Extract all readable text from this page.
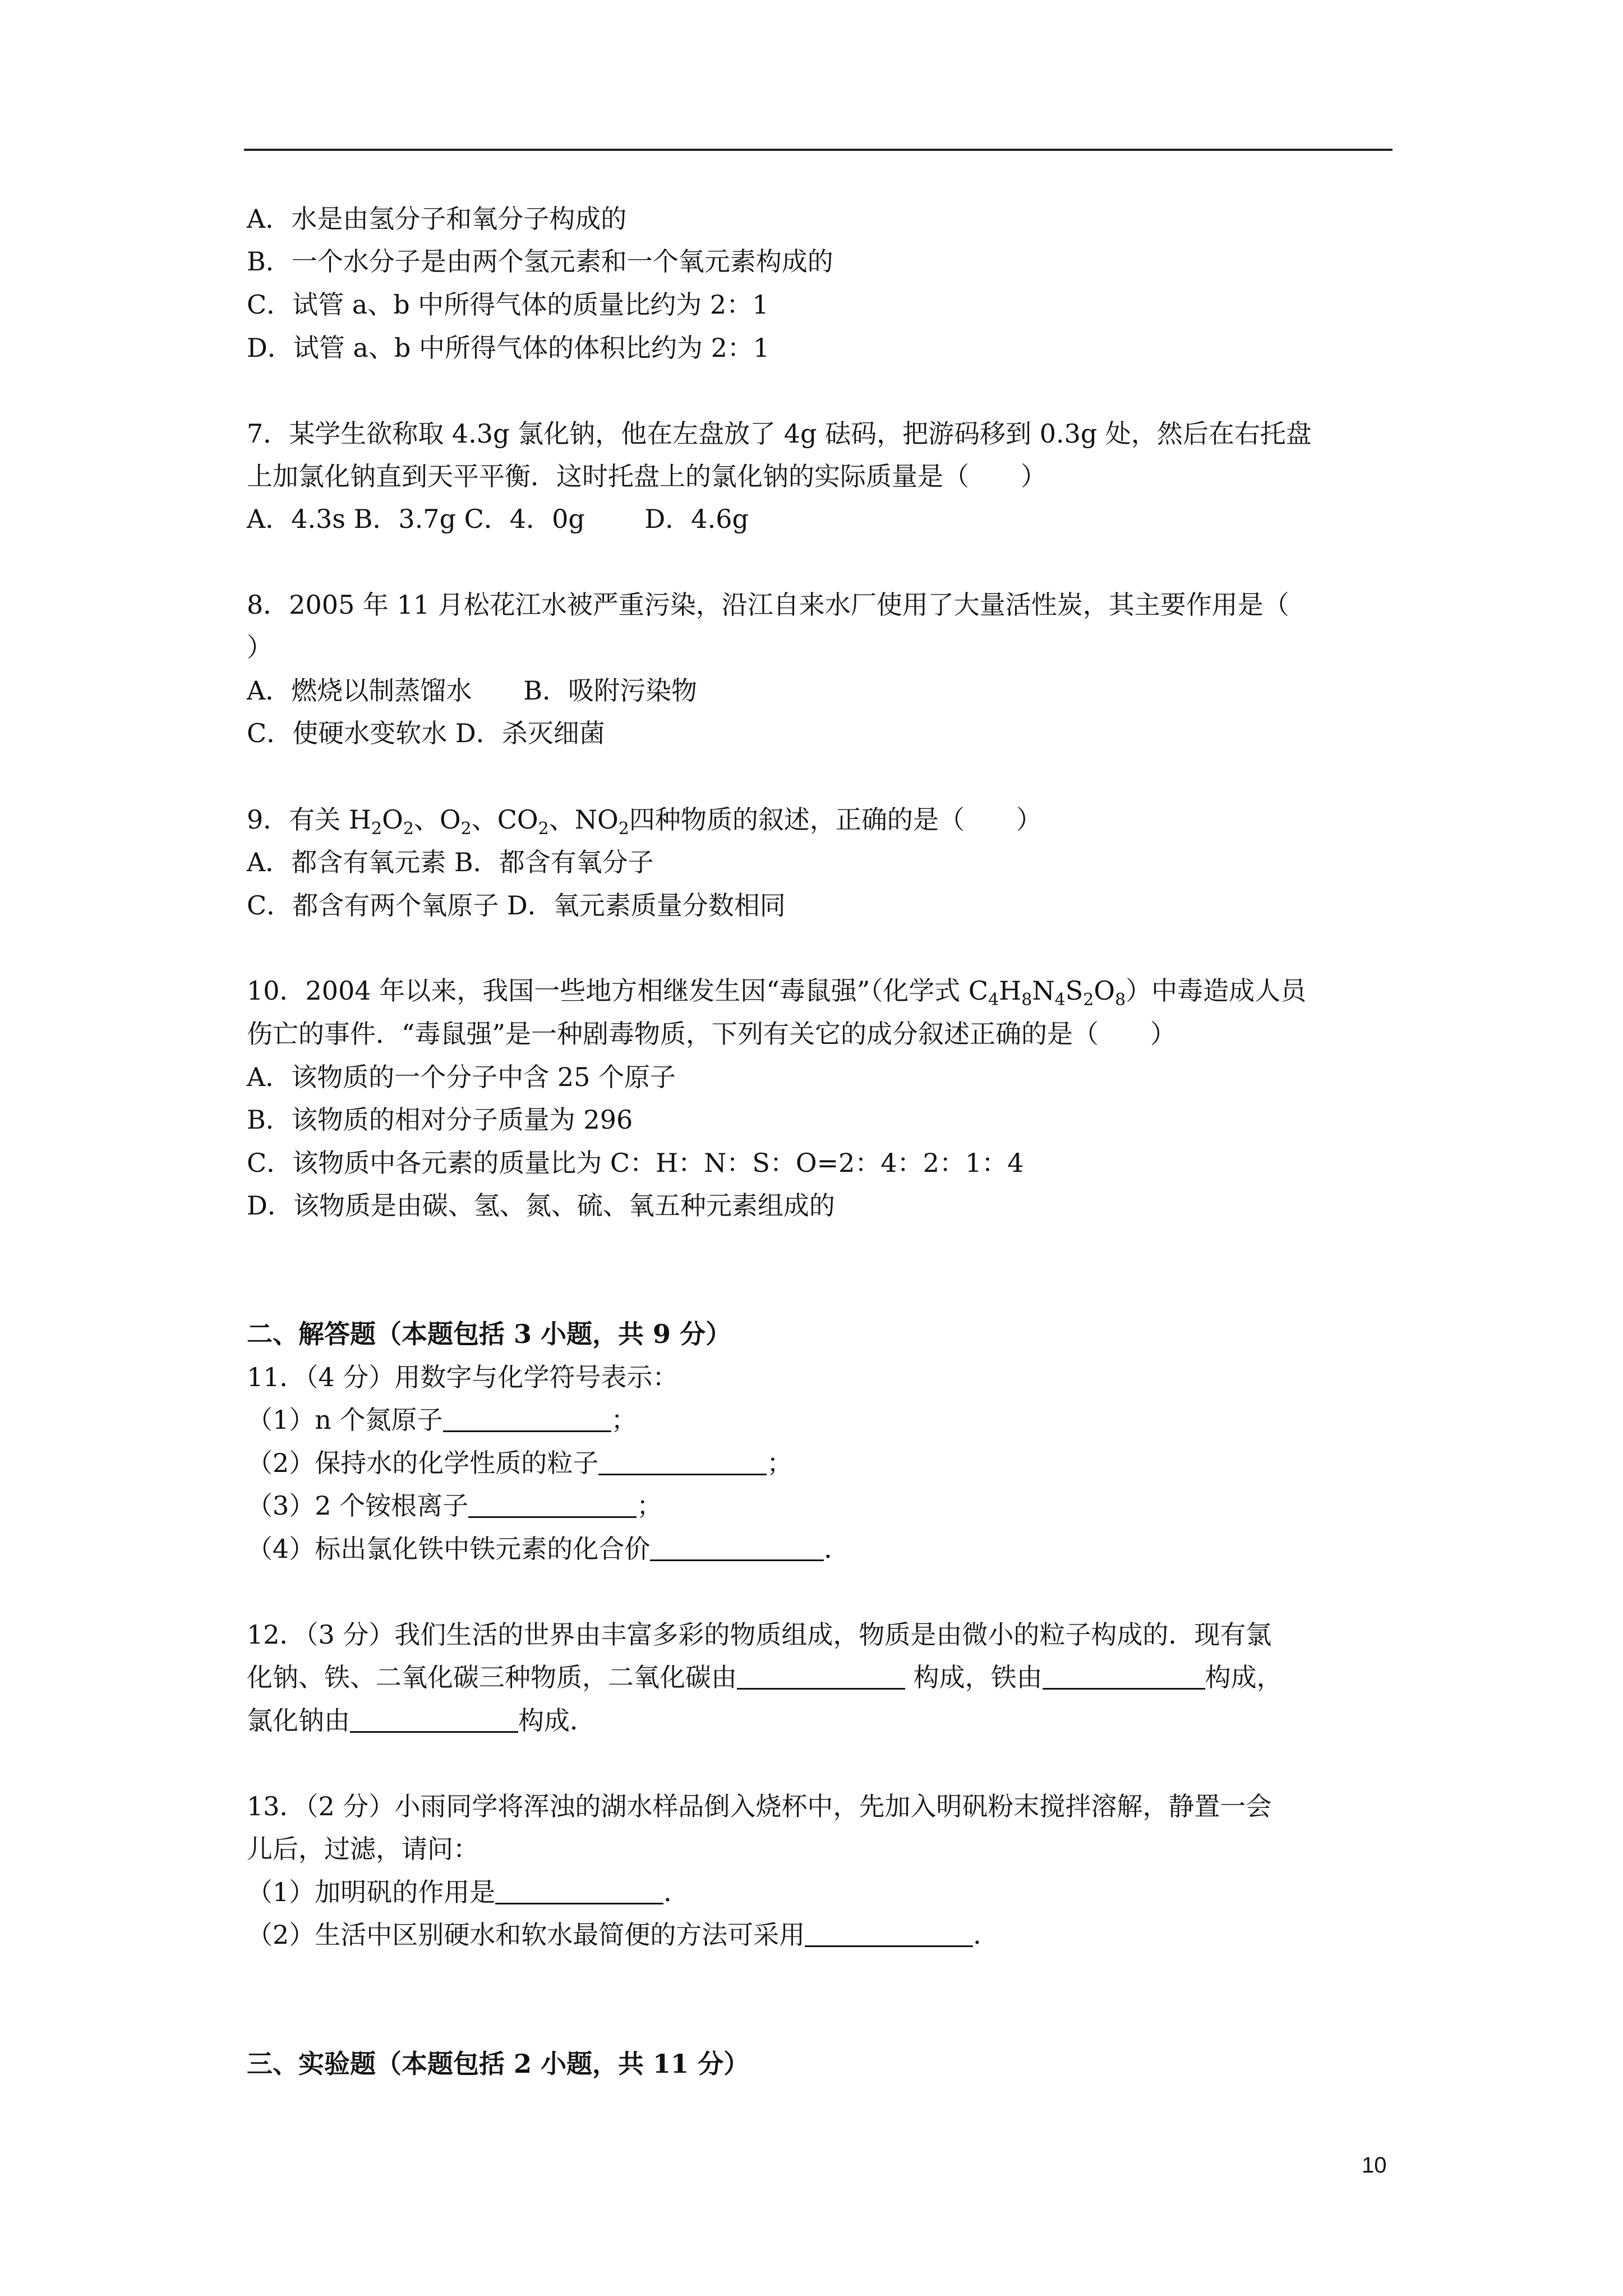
A．水是由氢分子和氧分子构成的
B．一个水分子是由两个氢元素和一个氧元素构成的
C．试管 a、b 中所得气体的质量比约为 2：1
D．试管 a、b 中所得气体的体积比约为 2：1
7．某学生欲称取 4.3g 氯化钠，他在左盘放了 4g 砝码，把游码移到 0.3g 处，然后在右托盘
上加氯化钠直到天平平衡．这时托盘上的氯化钠的实际质量是（　　）
A．4.3s B．3.7g C．4．0g　　 D．4.6g
8．2005 年 11 月松花江水被严重污染，沿江自来水厂使用了大量活性炭，其主要作用是（
）
A．燃烧以制蒸馏水　　B．吸附污染物
C．使硬水变软水 D．杀灭细菌
9．有关 $H_2O_2$、$O_2$、$CO_2$、$NO_2$四种物质的叙述，正确的是（　　）
A．都含有氧元素 B．都含有氧分子
C．都含有两个氧原子 D．氧元素质量分数相同
10．2004 年以来，我国一些地方相继发生因“毒鼠强”（化学式 $C_4H_8N_4S_2O_8$）中毒造成人员
伤亡的事件．“毒鼠强”是一种剧毒物质，下列有关它的成分叙述正确的是（　　）
A．该物质的一个分子中含 25 个原子
B．该物质的相对分子质量为 296
C．该物质中各元素的质量比为 C：H：N：S：O=2：4：2：1：4
D．该物质是由碳、氢、氮、硫、氧五种元素组成的
二、解答题（本题包括 3 小题，共 9 分）
11．（4 分）用数字与化学符号表示：
（1）n 个氮原子	；
（2）保持水的化学性质的粒子	；
（3）2 个铵根离子	；
（4）标出氯化铁中铁元素的化合价	．
12．（3 分）我们生活的世界由丰富多彩的物质组成，物质是由微小的粒子构成的．现有氯
化钠、铁、二氧化碳三种物质，二氧化碳由	构成，铁由	构成，
氯化钠由	构成．
13．（2 分）小雨同学将浑浊的湖水样品倒入烧杯中，先加入明矾粉末搅拌溶解，静置一会
儿后，过滤，请问：
（1）加明矾的作用是	．
（2）生活中区别硬水和软水最简便的方法可采用	．
三、实验题（本题包括 2 小题，共 11 分）
10
